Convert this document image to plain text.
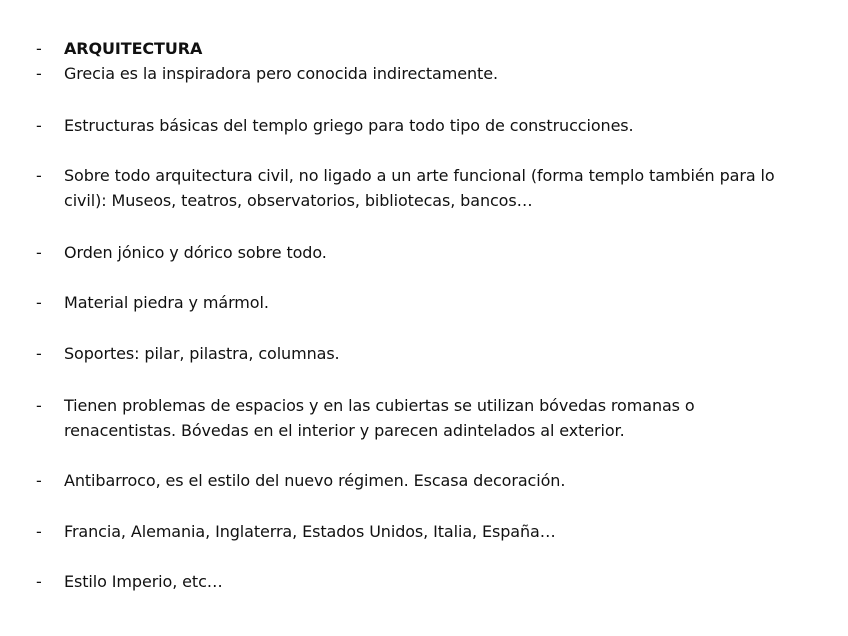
- ARQUITECTURA
- Grecia es la inspiradora pero conocida indirectamente.
- Estructuras básicas del templo griego para todo tipo de construcciones.
- Sobre todo arquitectura civil, no ligado a un arte funcional (forma templo también para lo civil): Museos, teatros, observatorios, bibliotecas, bancos…
- Orden jónico y dórico sobre todo.
- Material piedra y mármol.
- Soportes: pilar, pilastra, columnas.
- Tienen problemas de espacios y en las cubiertas se utilizan bóvedas romanas o renacentistas. Bóvedas en el interior y parecen adintelados al exterior.
- Antibarroco, es el estilo del nuevo régimen. Escasa decoración.
- Francia, Alemania, Inglaterra, Estados Unidos, Italia, España…
- Estilo Imperio, etc…
